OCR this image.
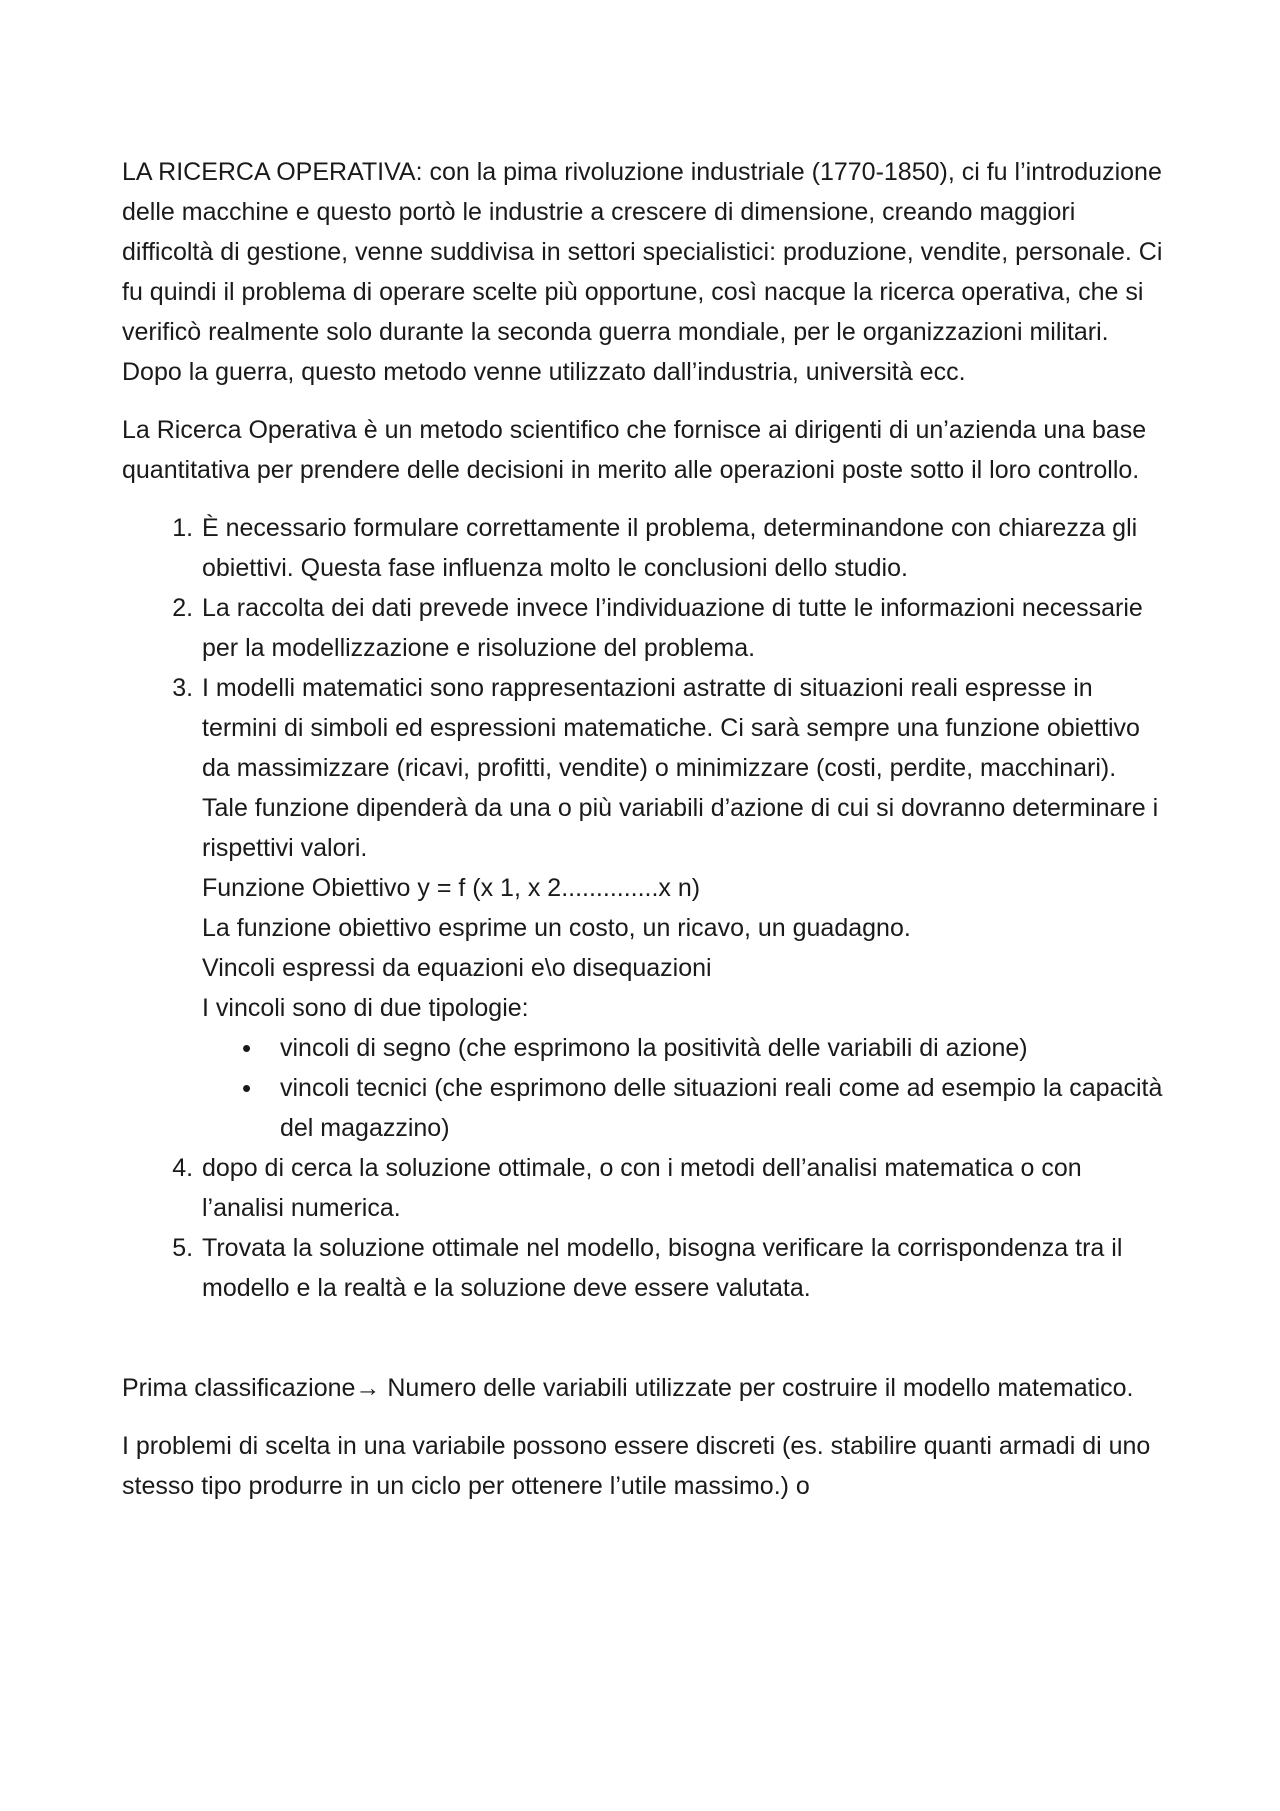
LA RICERCA OPERATIVA: con la pima rivoluzione industriale (1770-1850), ci fu l’introduzione delle macchine e questo portò le industrie a crescere di dimensione, creando maggiori difficoltà di gestione, venne suddivisa in settori specialistici: produzione, vendite, personale. Ci fu quindi il problema di operare scelte più opportune, così nacque la ricerca operativa, che si verificò realmente solo durante la seconda guerra mondiale, per le organizzazioni militari. Dopo la guerra, questo metodo venne utilizzato dall’industria, università ecc.

La Ricerca Operativa è un metodo scientifico che fornisce ai dirigenti di un’azienda una base quantitativa per prendere delle decisioni in merito alle operazioni poste sotto il loro controllo.

1. È necessario formulare correttamente il problema, determinandone con chiarezza gli obiettivi. Questa fase influenza molto le conclusioni dello studio.
2. La raccolta dei dati prevede invece l’individuazione di tutte le informazioni necessarie per la modellizzazione e risoluzione del problema.
3. I modelli matematici sono rappresentazioni astratte di situazioni reali espresse in termini di simboli ed espressioni matematiche. Ci sarà sempre una funzione obiettivo da massimizzare (ricavi, profitti, vendite) o minimizzare (costi, perdite, macchinari). Tale funzione dipenderà da una o più variabili d’azione di cui si dovranno determinare i rispettivi valori.
Funzione Obiettivo y = f (x 1, x 2..............x n)
La funzione obiettivo esprime un costo, un ricavo, un guadagno.
Vincoli espressi da equazioni e\o disequazioni
I vincoli sono di due tipologie:
• vincoli di segno (che esprimono la positività delle variabili di azione)
• vincoli tecnici (che esprimono delle situazioni reali come ad esempio la capacità del magazzino)
4. dopo di cerca la soluzione ottimale, o con i metodi dell’analisi matematica o con l’analisi numerica.
5. Trovata la soluzione ottimale nel modello, bisogna verificare la corrispondenza tra il modello e la realtà e la soluzione deve essere valutata.

Prima classificazione→ Numero delle variabili utilizzate per costruire il modello matematico.

I problemi di scelta in una variabile possono essere discreti (es. stabilire quanti armadi di uno stesso tipo produrre in un ciclo per ottenere l’utile massimo.) o
